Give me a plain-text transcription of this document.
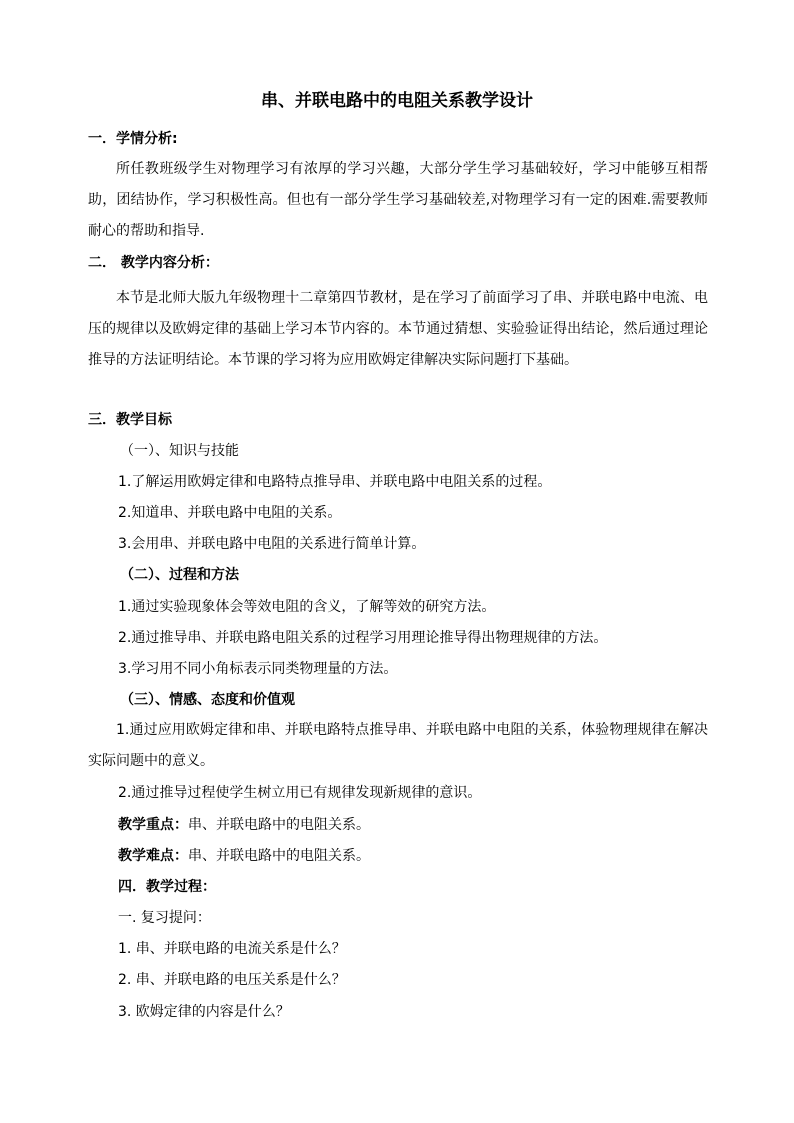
串、并联电路中的电阻关系教学设计
一．学情分析:
所任教班级学生对物理学习有浓厚的学习兴趣，大部分学生学习基础较好，学习中能够互相帮助，团结协作，学习积极性高。但也有一部分学生学习基础较差,对物理学习有一定的困难.需要教师耐心的帮助和指导.
二． 教学内容分析：
本节是北师大版九年级物理十二章第四节教材，是在学习了前面学习了串、并联电路中电流、电压的规律以及欧姆定律的基础上学习本节内容的。本节通过猜想、实验验证得出结论，然后通过理论推导的方法证明结论。本节课的学习将为应用欧姆定律解决实际问题打下基础。
三．教学目标
（一）、知识与技能
1.了解运用欧姆定律和电路特点推导串、并联电路中电阻关系的过程。
2.知道串、并联电路中电阻的关系。
3.会用串、并联电路中电阻的关系进行简单计算。
（二）、过程和方法
1.通过实验现象体会等效电阻的含义，了解等效的研究方法。
2.通过推导串、并联电路电阻关系的过程学习用理论推导得出物理规律的方法。
3.学习用不同小角标表示同类物理量的方法。
（三）、情感、态度和价值观
1.通过应用欧姆定律和串、并联电路特点推导串、并联电路中电阻的关系，体验物理规律在解决实际问题中的意义。
2.通过推导过程使学生树立用已有规律发现新规律的意识。
教学重点：串、并联电路中的电阻关系。
教学难点：串、并联电路中的电阻关系。
四．教学过程：
一. 复习提问：
1. 串、并联电路的电流关系是什么？
2. 串、并联电路的电压关系是什么？
3. 欧姆定律的内容是什么？
